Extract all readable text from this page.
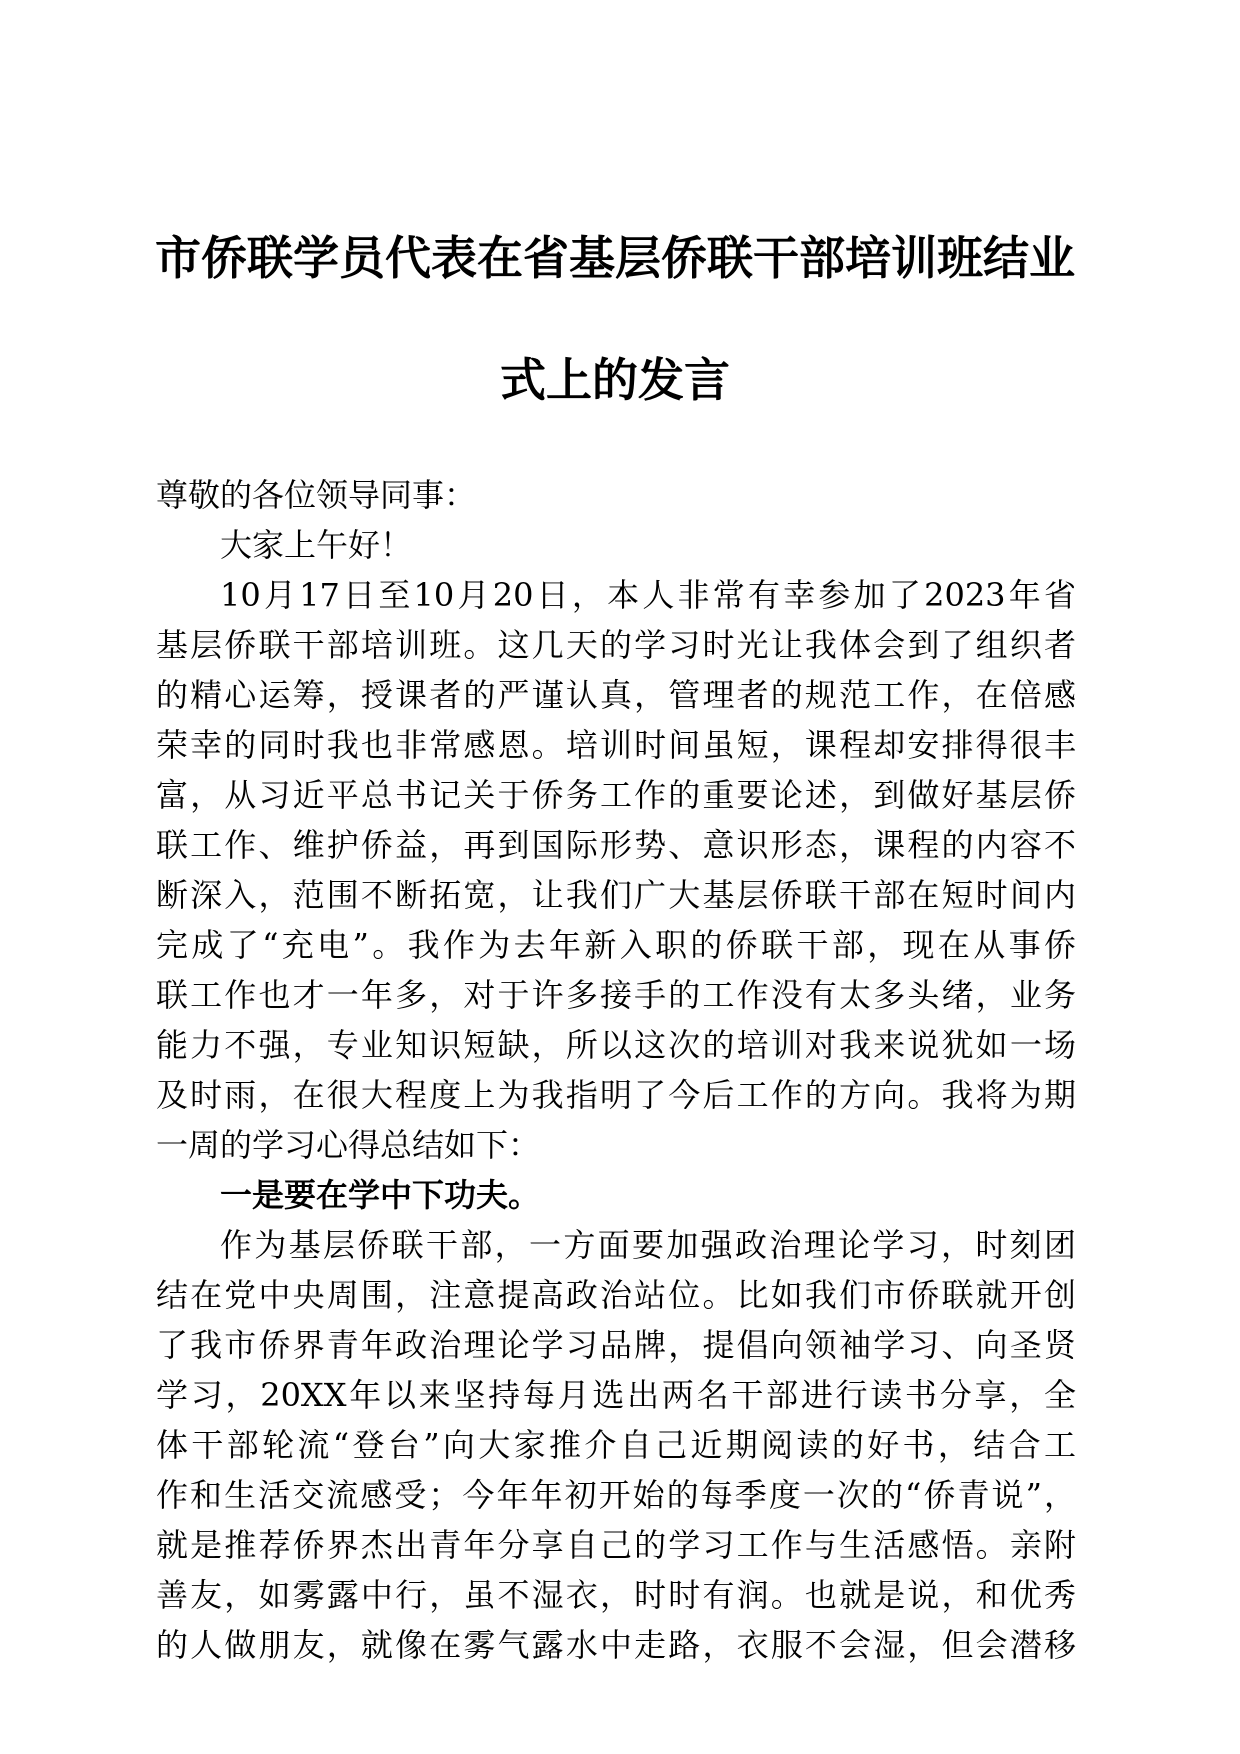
市侨联学员代表在省基层侨联干部培训班结业
式上的发言
尊敬的各位领导同事：
大家上午好！
10月17日至10月20日，本人非常有幸参加了2023年省
基层侨联干部培训班。这几天的学习时光让我体会到了组织者
的精心运筹，授课者的严谨认真，管理者的规范工作，在倍感
荣幸的同时我也非常感恩。培训时间虽短，课程却安排得很丰
富，从习近平总书记关于侨务工作的重要论述，到做好基层侨
联工作、维护侨益，再到国际形势、意识形态，课程的内容不
断深入，范围不断拓宽，让我们广大基层侨联干部在短时间内
完成了“充电”。我作为去年新入职的侨联干部，现在从事侨
联工作也才一年多，对于许多接手的工作没有太多头绪，业务
能力不强，专业知识短缺，所以这次的培训对我来说犹如一场
及时雨，在很大程度上为我指明了今后工作的方向。我将为期
一周的学习心得总结如下：
一是要在学中下功夫。
作为基层侨联干部，一方面要加强政治理论学习，时刻团
结在党中央周围，注意提高政治站位。比如我们市侨联就开创
了我市侨界青年政治理论学习品牌，提倡向领袖学习、向圣贤
学习，20XX年以来坚持每月选出两名干部进行读书分享，全
体干部轮流“登台”向大家推介自己近期阅读的好书，结合工
作和生活交流感受；今年年初开始的每季度一次的“侨青说”，
就是推荐侨界杰出青年分享自己的学习工作与生活感悟。亲附
善友，如雾露中行，虽不湿衣，时时有润。也就是说，和优秀
的人做朋友，就像在雾气露水中走路，衣服不会湿，但会潜移
